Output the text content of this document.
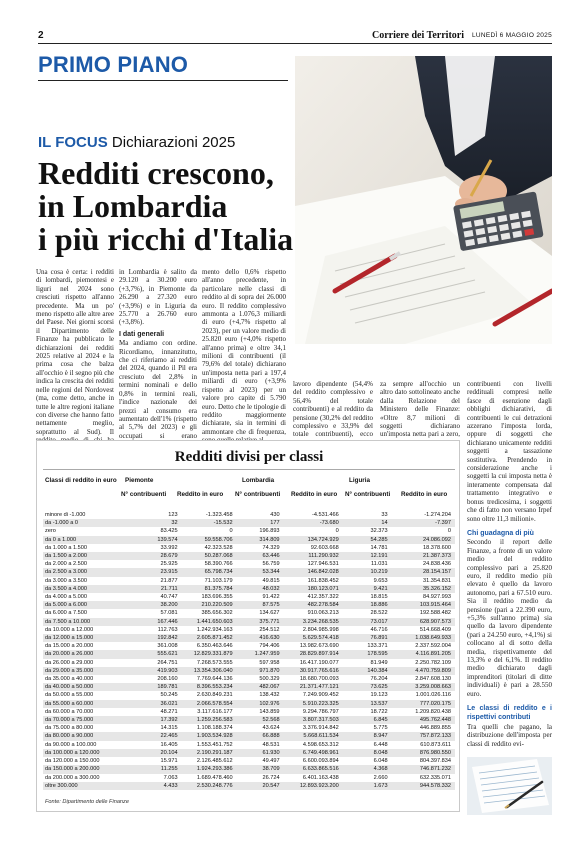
2	Corriere dei Territori LUNEDÌ 6 MAGGIO 2025
PRIMO PIANO
IL FOCUS Dichiarazioni 2025
Redditi crescono,
in Lombardia
i più ricchi d'Italia

Una cosa è certa: i redditi di lombardi, piemontesi e liguri nel 2024 sono cresciuti rispetto all'anno precedente. Ma un po' meno rispetto alle altre aree del Paese. Nei giorni scorsi il Dipartimento delle Finanze ha pubblicato le dichiarazioni dei redditi 2025 relative al 2024 e la prima cosa che balza all'occhio è il segno più che indica la crescita dei redditi nelle regioni del Nordovest (ma, come detto, anche in tutte le altre regioni italiane con diverse che hanno fatto nettamente meglio, soprattutto al Sud). Il

in Lombardia è salito da 29.120 a 30.200 euro (+3,7%), in Piemonte da 26.290 a 27.320 euro (+3,9%) e in Liguria da 25.770 a 26.760 euro (+3,8%).

I dati generali

Ma andiamo con ordine. Ricordiamo, innanzitutto, che ci riferiamo ai redditi del 2024, quando il Pil era cresciuto del 2,8% in termini nominali e dello 0,8% in termini reali, l'indice nazionale dei prezzi al consumo era aumentato dell'1% (rispetto al 5,7% del 2023) e gli occupati si erano

mento dello 0,6% rispetto all'anno precedente, in particolare nelle classi di reddito al di sopra dei 26.000 euro. Il reddito complessivo ammonta a 1.076,3 miliardi di euro (+4,7% rispetto al 2023), per un valore medio di 25.820 euro (+4,0% rispetto all'anno prima) e oltre 34,1 milioni di contribuenti (il 79,6% del totale) dichiarano un'imposta netta pari a 197,4 miliardi di euro (+3,9% rispetto al 2023) per un valore pro capite di 5.790 euro. Detto che le tipologie di reddito maggiormente dichiarate, sia in termini di ammontare che di frequenza,

lavoro dipendente (54,4% del reddito complessivo e 56,4% del totale contribuenti) e al reddito da pensione (30,2% del reddito complessivo e 33,9% del totale contribuenti), ecco

za sempre all'occhio un altro dato sottolineato anche dalla Relazione del Ministero delle Finanze: «Oltre 8,7 milioni di soggetti dichiarano un'imposta netta pari a zero,

contribuenti con livelli reddituali compresi nelle fasce di esenzione dagli obblighi dichiarativi, di contribuenti le cui detrazioni azzerano l'imposta lorda, oppure di soggetti che dichiarano unicamente redditi soggetti a tassazione sostitutiva. Prendendo in considerazione anche i soggetti la cui imposta netta è interamente compensata dal trattamento integrativo e bonus tredicesima, i soggetti che di fatto non versano Irpef sono oltre 11,3 milioni».

Chi guadagna di più

Secondo il report delle Finanze, a fronte di un valore medio del reddito complessivo pari a 25.820 euro, il reddito medio più elevato è quello da lavoro autonomo, pari a 67.510 euro. Sia il reddito medio da pensione (pari a 22.390 euro, +5,3% sull'anno prima) sia quello da lavoro dipendente (pari a 24.250 euro, +4,1%) si collocano al di sotto della media, rispettivamente del 13,3% e del 6,1%. Il reddito medio dichiarato dagli imprenditori (titolari di ditte individuali) è pari a 28.550 euro.

Le classi di reddito e i rispettivi contributi

Tra quelli che pagano, la distribuzione dell'imposta per classi di reddito evi-

Redditi divisi per classi
Classi di reddito in euro Piemonte	Lombardia	Liguria
N° contribuenti Reddito in euro N° contribuenti Reddito in euro N° contribuenti Reddito in euro
minore di -1.000	123	-1.323.458	430	-4.531.466	33	-1.274.204
da -1.000 a 0	32	-15.532	177	-73.680	14	-7.397
zero	83.425	0	196.893	0	32.373	0
da 0 a 1.000	139.574	59.558.706	314.809	134.724.929	54.285	24.086.092
da 1.000 a 1.500	33.992	42.323.528	74.329	92.603.668	14.781	18.378.600
da 1.500 a 2.000	28.679	50.287.068	63.446	111.290.932	12.191	21.387.373
da 2.000 a 2.500	25.925	58.390.766	56.759	127.946.531	11.031	24.838.436
da 2.500 a 3.000	23.915	65.798.734	53.344	146.842.028	10.219	28.154.157
da 3.000 a 3.500	21.877	71.103.179	49.815	161.838.452	9.653	31.354.831
da 3.500 a 4.000	21.711	81.375.784	48.032	180.123.071	9.421	35.326.152
da 4.000 a 5.000	40.747	183.696.355	91.422	412.357.322	18.815	84.927.993
da 5.000 a 6.000	38.200	210.220.509	87.575	482.278.584	18.886	103.915.464
da 6.000 a 7.500	57.081	385.656.302	134.627	910.063.213	28.522	192.588.482
da 7.500 a 10.000	167.446	1.441.650.603	375.771	3.234.268.535	73.017	628.907.573
da 10.000 a 12.000	112.763	1.242.934.163	254.512	2.804.985.998	46.716	514.668.409
da 12.000 a 15.000	192.842	2.605.871.452	416.630	5.629.574.418	76.891	1.038.649.933
da 15.000 a 20.000	361.008	6.350.463.646	794.406	13.982.673.690	133.371	2.337.592.004
da 20.000 a 26.000	555.621	12.829.331.879	1.247.959	28.829.897.914	178.595	4.116.891.205
da 26.000 a 29.000	264.751	7.268.573.555	597.958	16.417.190.077	81.949	2.250.782.109
da 29.000 a 35.000	419.903	13.354.306.040	971.870	30.917.765.616	140.384	4.470.759.809
da 35.000 a 40.000	208.160	7.769.644.136	500.329	18.680.700.093	76.204	2.847.608.130
da 40.000 a 50.000	189.781	8.396.553.234	482.067	21.371.477.121	73.625	3.259.008.663
da 50.000 a 55.000	50.245	2.630.849.231	138.432	7.249.909.452	19.123	1.001.026.116
da 55.000 a 60.000	36.021	2.066.578.554	102.976	5.910.223.325	13.537	777.020.175
da 60.000 a 70.000	48.271	3.117.616.177	143.859	9.294.786.797	18.722	1.209.820.438
da 70.000 a 75.000	17.392	1.259.256.583	52.568	3.807.317.503	6.845	495.762.448
da 75.000 a 80.000	14.315	1.108.188.374	43.624	3.376.914.842	5.775	446.889.855
da 80.000 a 90.000	22.465	1.903.534.928	66.888	5.668.611.534	8.947	757.872.133
da 90.000 a 100.000	16.405	1.553.451.752	48.531	4.598.653.312	6.448	610.873.611
da 100.000 a 120.000	20.104	2.190.291.187	61.930	6.749.498.961	8.048	876.980.550
da 120.000 a 150.000	15.971	2.126.485.612	49.497	6.600.093.894	6.048	804.397.834
da 150.000 a 200.000	11.255	1.924.293.386	38.709	6.633.865.516	4.368	746.871.232
da 200.000 a 300.000	7.063	1.689.478.460	26.724	6.401.163.438	2.660	632.335.071
oltre 300.000	4.433	2.530.248.776	20.547	12.893.923.200	1.673	944.578.332
Fonte: Dipartimento delle Finanze
